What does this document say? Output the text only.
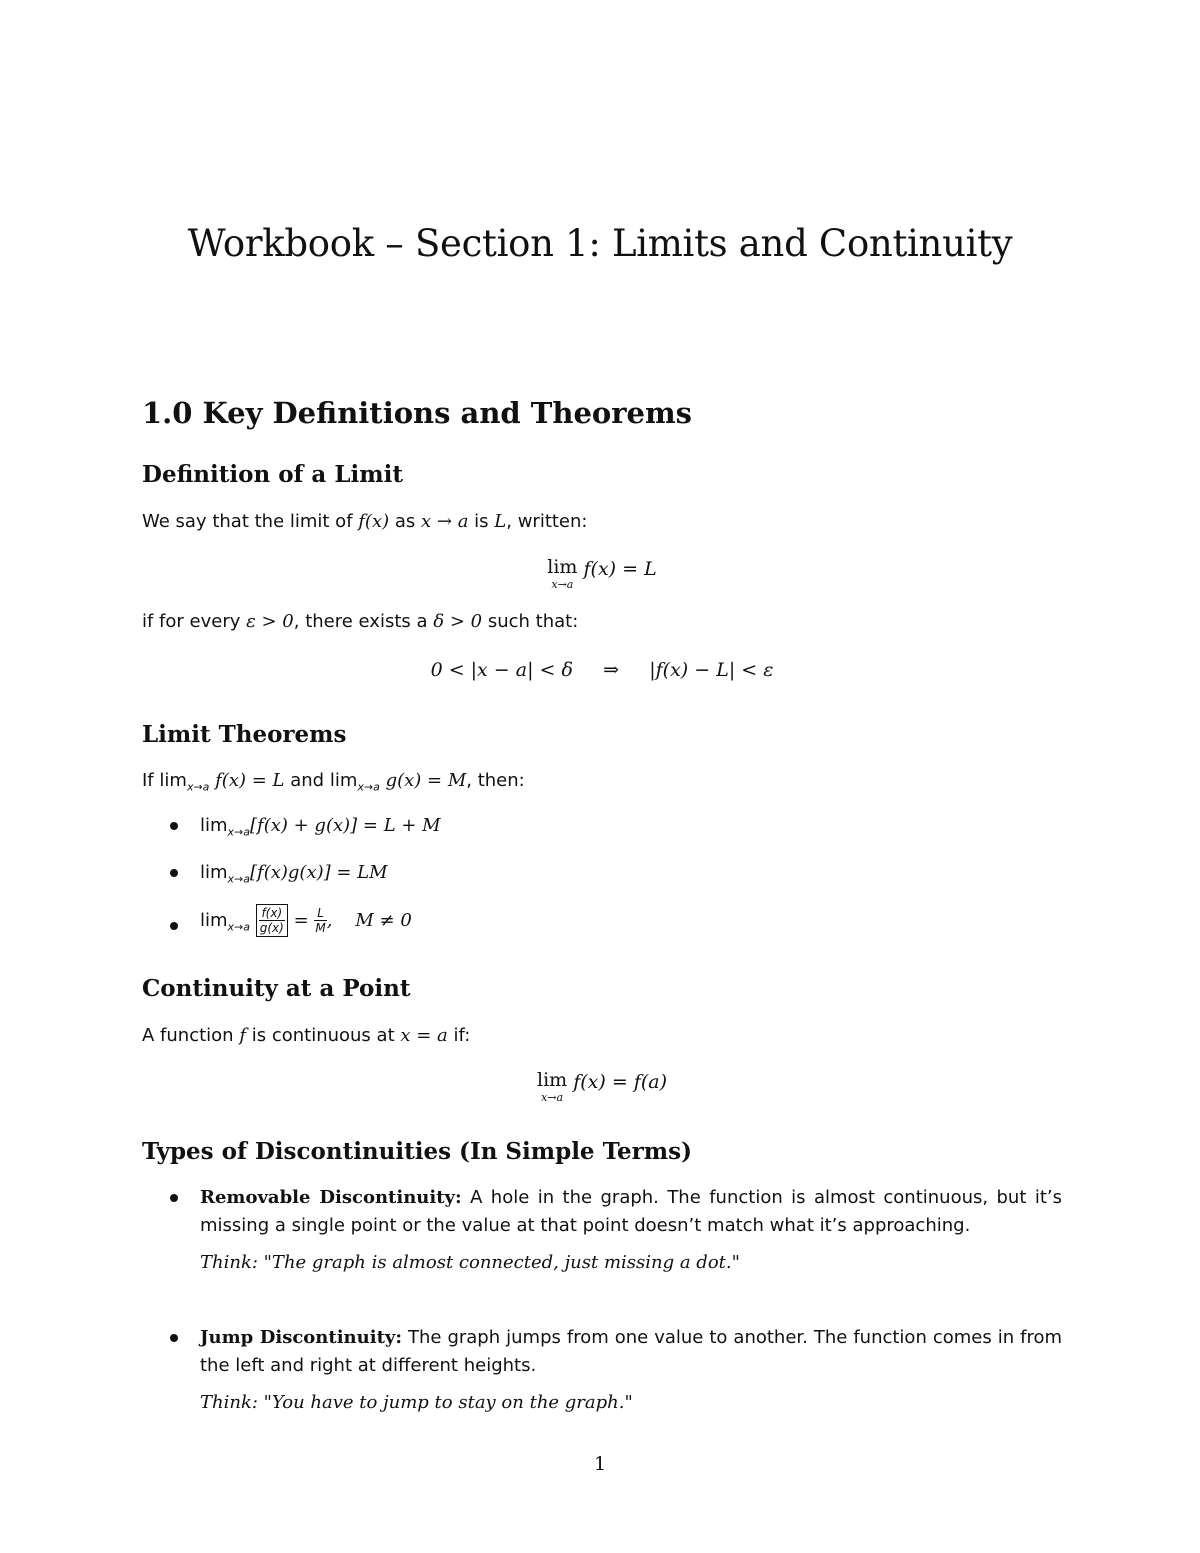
Workbook – Section 1: Limits and Continuity
1.0 Key Definitions and Theorems
Definition of a Limit
We say that the limit of f(x) as x → a is L, written:
lim
x→a
f(x) = L
if for every ε > 0, there exists a δ > 0 such that:
0 < |x − a| < δ     ⇒     |f(x) − L| < ε
Limit Theorems
If $\lim_{x\to a} f(x) = L$ and $\lim_{x\to a} g(x) = M$, then:
$\lim_{x\to a}[f(x) + g(x)] = L + M$
$\lim_{x\to a}[f(x)g(x)]$ = LM
$\lim_{x\to a} \frac{f(x)}{g(x)} = \frac{L}{M}$ ,    M ≠ 0
Continuity at a Point
A function f is continuous at x = a if:
lim
x→a
f(x) = f(a)
Types of Discontinuities (In Simple Terms)
Removable Discontinuity: A hole in the graph. The function is almost continuous, but it’s missing a single point or the value at that point doesn’t match what it’s approaching.
Think: "The graph is almost connected, just missing a dot."
Jump Discontinuity: The graph jumps from one value to another. The function comes in from the left and right at different heights.
Think: "You have to jump to stay on the graph."
1
